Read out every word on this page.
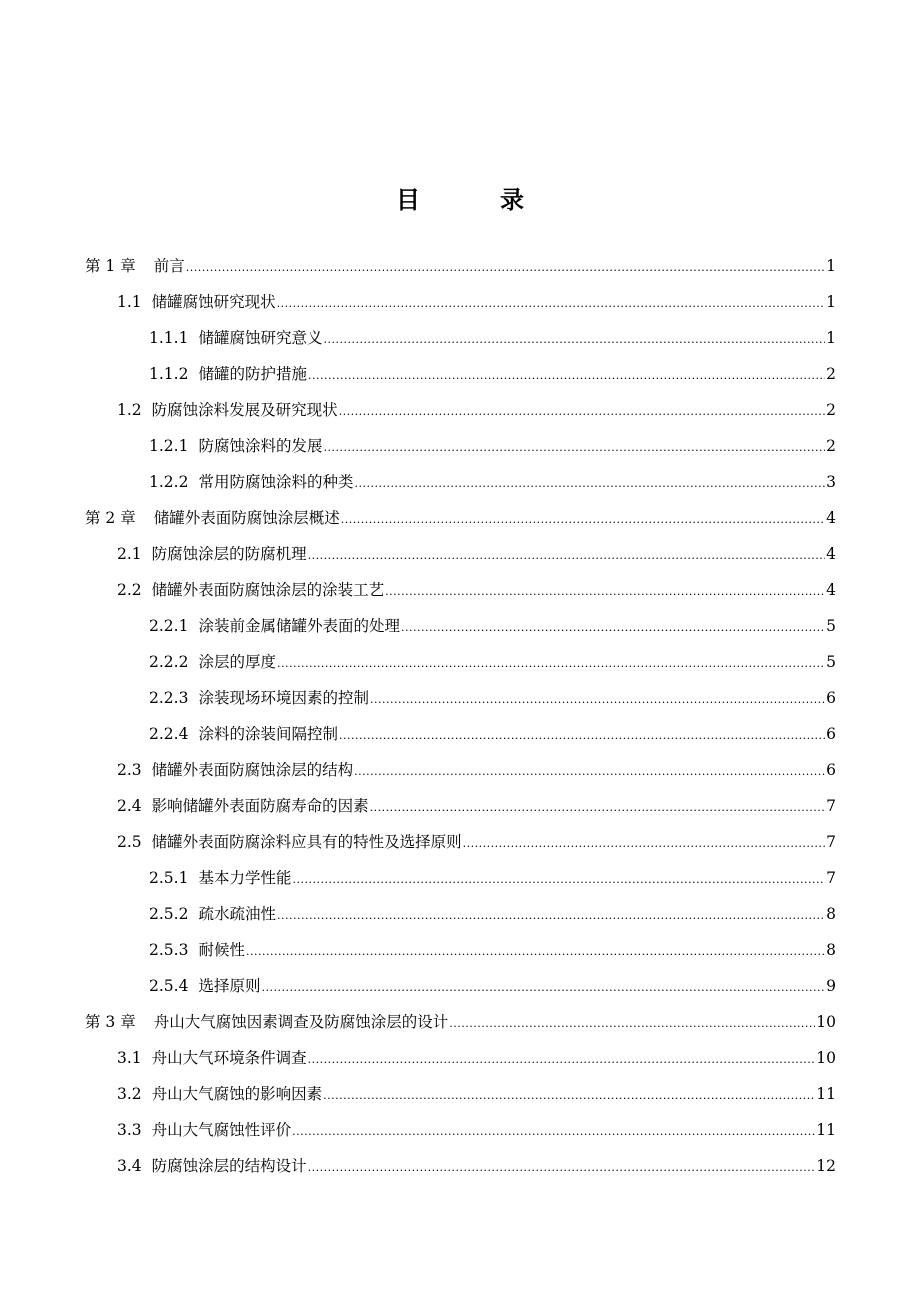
目　录
第 1 章 前言 .....	1
1.1 储罐腐蚀研究现状 .....	1
1.1.1 储罐腐蚀研究意义 .....	1
1.1.2 储罐的防护措施 .....	2
1.2 防腐蚀涂料发展及研究现状 .....	2
1.2.1 防腐蚀涂料的发展 .....	2
1.2.2 常用防腐蚀涂料的种类 .....	3
第 2 章 储罐外表面防腐蚀涂层概述 .....	4
2.1 防腐蚀涂层的防腐机理 .....	4
2.2 储罐外表面防腐蚀涂层的涂装工艺 .....	4
2.2.1 涂装前金属储罐外表面的处理 .....	5
2.2.2 涂层的厚度 .....	5
2.2.3 涂装现场环境因素的控制 .....	6
2.2.4 涂料的涂装间隔控制 .....	6
2.3 储罐外表面防腐蚀涂层的结构 .....	6
2.4 影响储罐外表面防腐寿命的因素 .....	7
2.5 储罐外表面防腐涂料应具有的特性及选择原则 .....	7
2.5.1 基本力学性能 .....	7
2.5.2 疏水疏油性 .....	8
2.5.3 耐候性 .....	8
2.5.4 选择原则 .....	9
第 3 章 舟山大气腐蚀因素调查及防腐蚀涂层的设计 .....	10
3.1 舟山大气环境条件调查 .....	10
3.2 舟山大气腐蚀的影响因素 .....	11
3.3 舟山大气腐蚀性评价 .....	11
3.4 防腐蚀涂层的结构设计 .....	12
